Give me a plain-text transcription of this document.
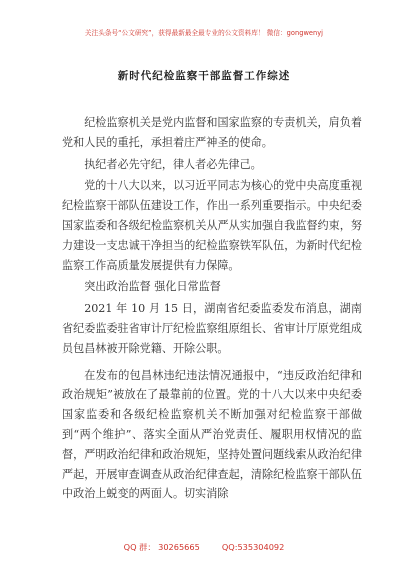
关注头条号“公文研究”，获得最新最全最专业的公文资料库！ 微信：gongwenyj
新时代纪检监察干部监督工作综述

纪检监察机关是党内监督和国家监察的专责机关，肩负着党和人民的重托，承担着庄严神圣的使命。

执纪者必先守纪，律人者必先律己。

党的十八大以来，以习近平同志为核心的党中央高度重视纪检监察干部队伍建设工作，作出一系列重要指示。中央纪委国家监委和各级纪检监察机关从严从实加强自我监督约束，努力建设一支忠诚干净担当的纪检监察铁军队伍，为新时代纪检监察工作高质量发展提供有力保障。

突出政治监督 强化日常监督

2021 年 10 月 15 日，湖南省纪委监委发布消息，湖南省纪委监委驻省审计厅纪检监察组原组长、省审计厅原党组成员包昌林被开除党籍、开除公职。

在发布的包昌林违纪违法情况通报中，“违反政治纪律和政治规矩”被放在了最靠前的位置。党的十八大以来中央纪委国家监委和各级纪检监察机关不断加强对纪检监察干部做到“两个维护”、落实全面从严治党责任、履职用权情况的监督，严明政治纪律和政治规矩，坚持处置问题线索从政治纪律严起，开展审查调查从政治纪律查起，清除纪检监察干部队伍中政治上蜕变的两面人。切实消除

QQ 群： 30265665	QQ:535304092
